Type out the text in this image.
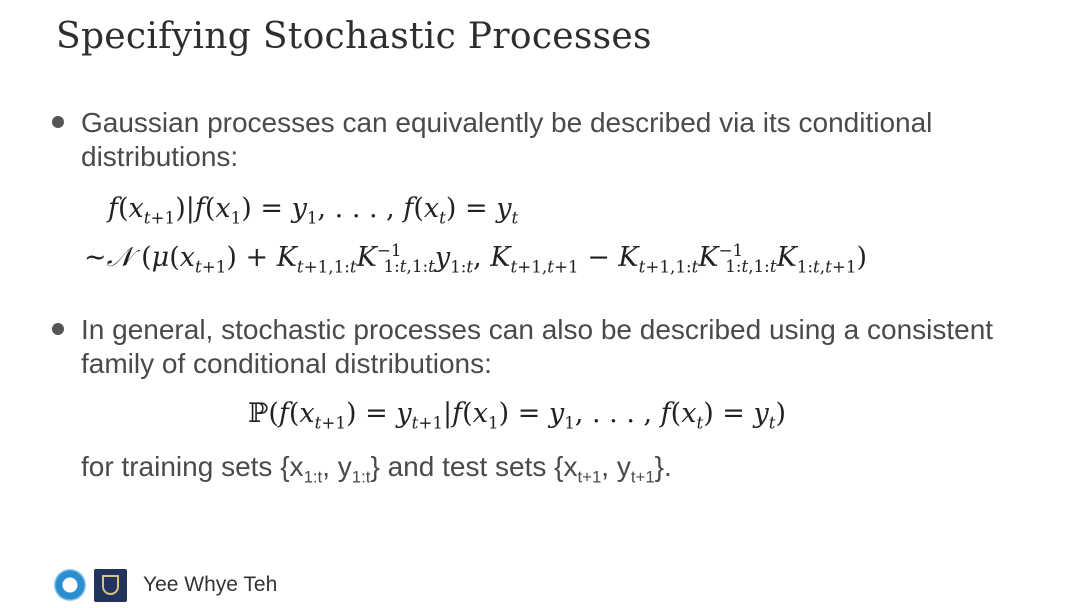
Specifying Stochastic Processes
Gaussian processes can equivalently be described via its conditional distributions:
$f(x_{t+1})|f(x_1) = y_1$, . . . , $f(x_t) = y_t$
∼𝒩 ($\mu(x_{t+1}) + K_{t+1,1:t}K^{-1}_{1:t,1:t}y_{1:t}$, $K_{t+1,t+1} - K_{t+1,1:t}K^{-1}_{1:t,1:t}K_{1:t,t+1}$)
In general, stochastic processes can also be described using a consistent family of conditional distributions:
$ℙ(f(x_{t+1}) = y_{t+1}|f(x_1) = y_1$, . . . , $f(x_t) = y_t$)
for training sets {$x_{1:t}$, $y_{1:t}$} and test sets {$x_{t+1}$, $y_{t+1}$}.
Yee Whye Teh
